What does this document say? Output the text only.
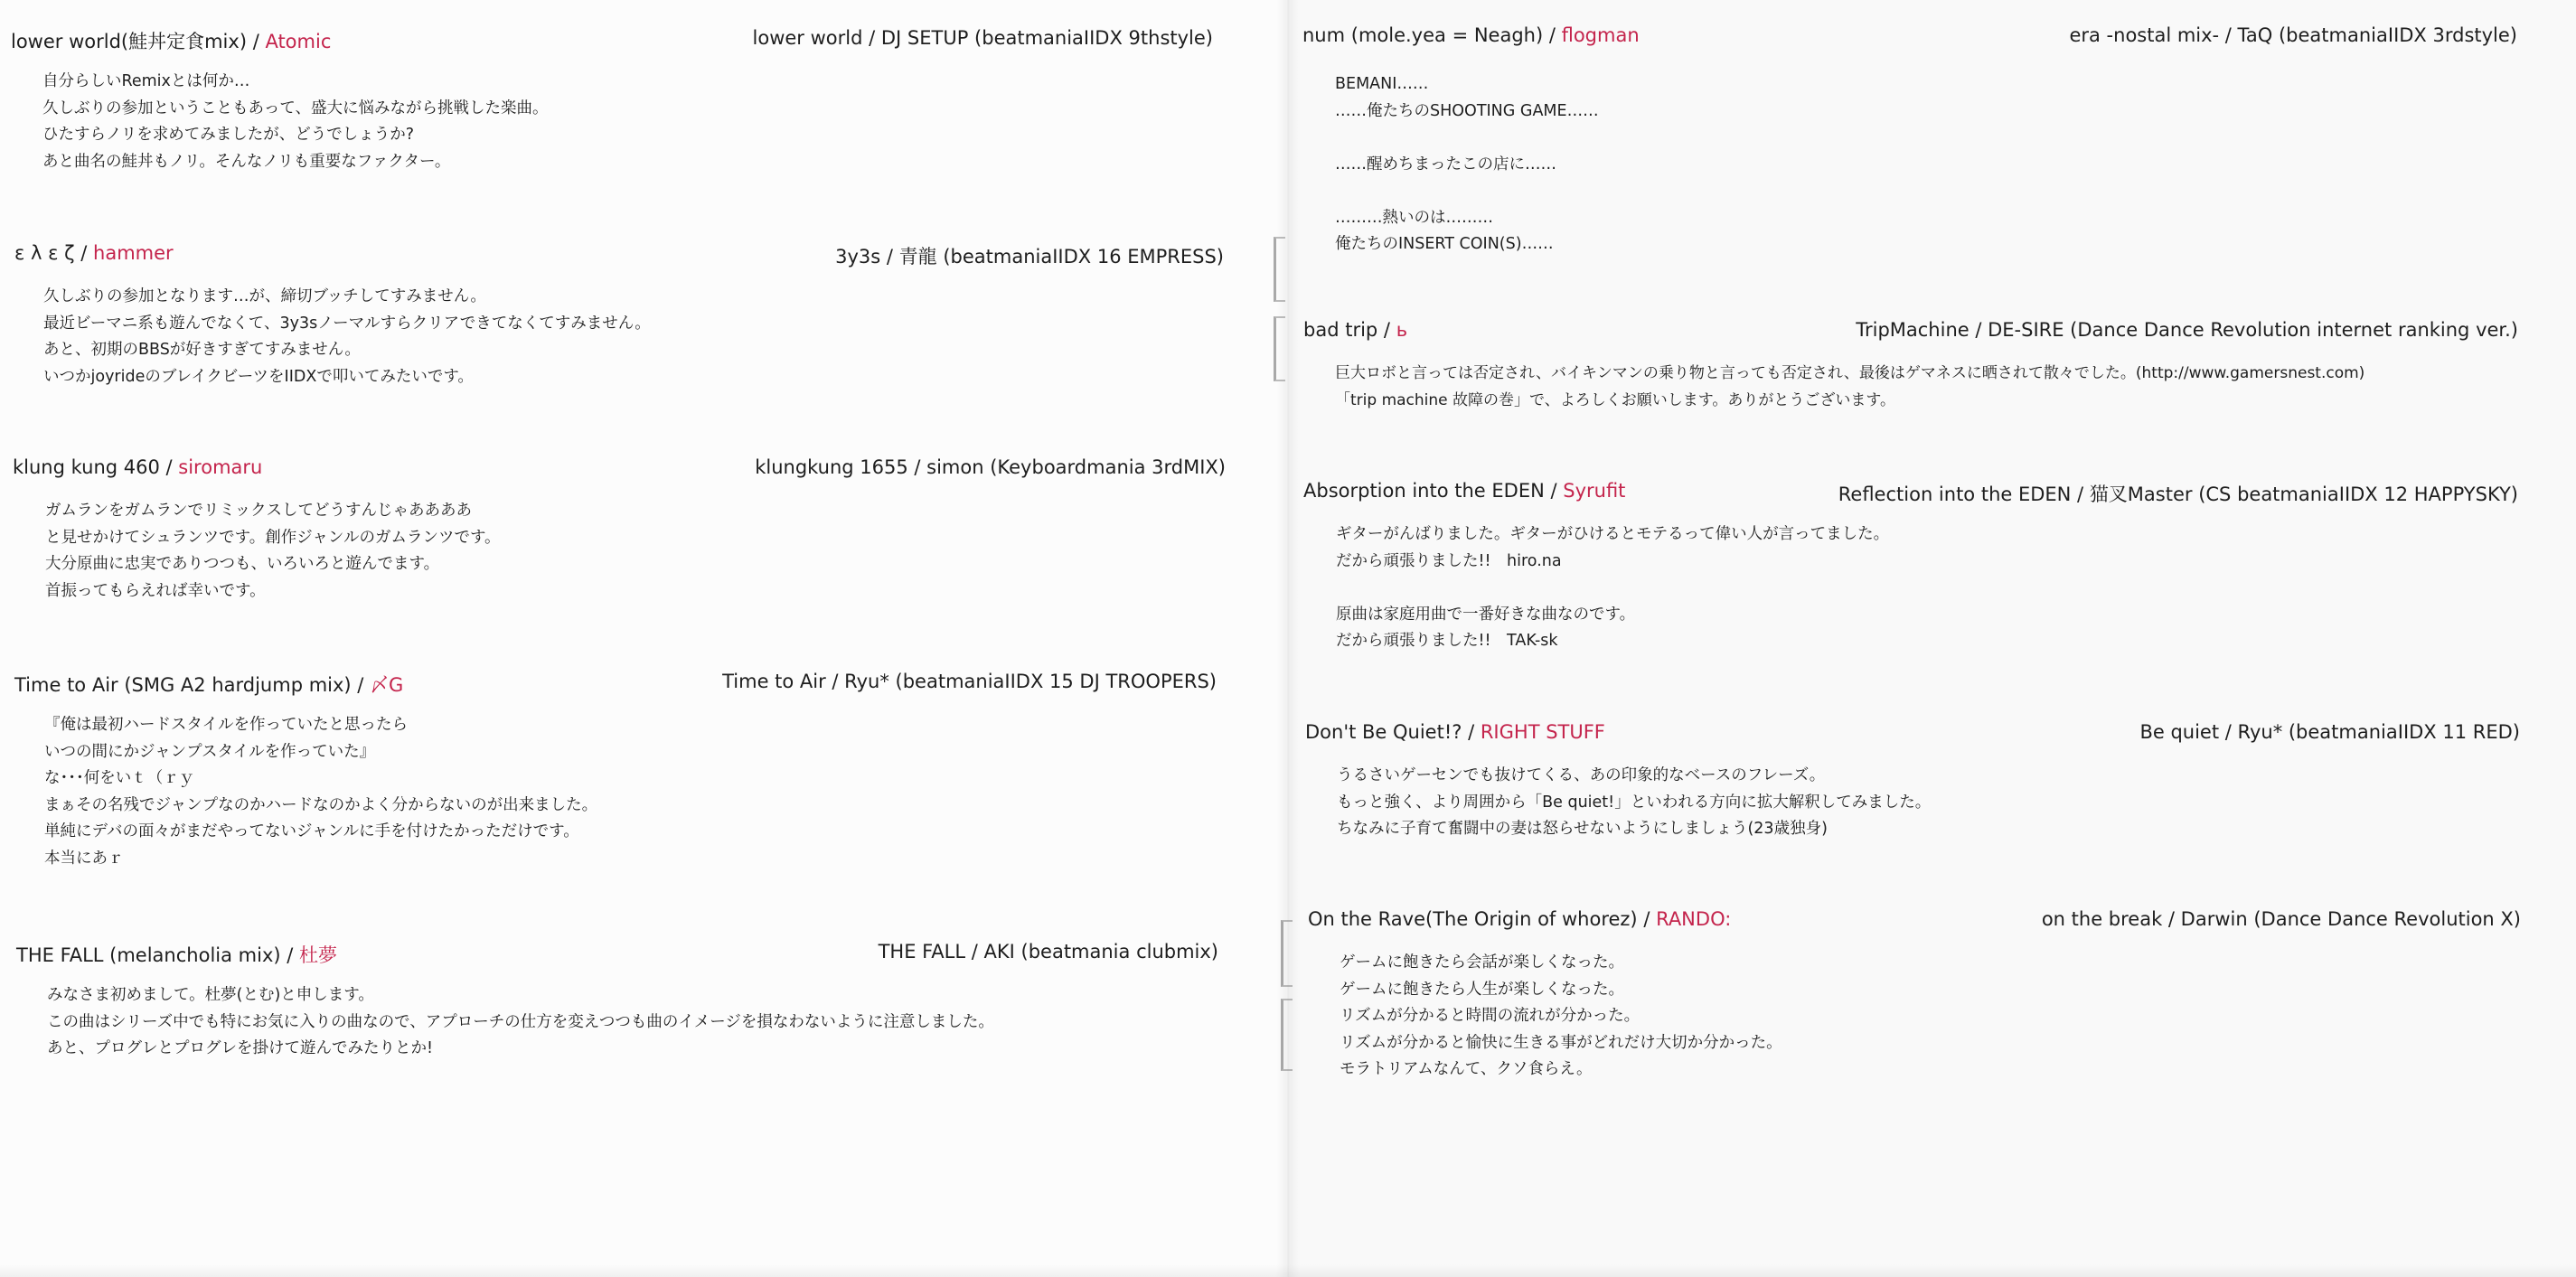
lower world(鮭丼定食mix) / Atomic	lower world / DJ SETUP (beatmaniaIIDX 9thstyle)
自分らしいRemixとは何か…
久しぶりの参加ということもあって、盛大に悩みながら挑戦した楽曲。
ひたすらノリを求めてみましたが、どうでしょうか?
あと曲名の鮭丼もノリ。そんなノリも重要なファクター。
ε λ ε ζ / hammer	3y3s / 青龍 (beatmaniaIIDX 16 EMPRESS)
久しぶりの参加となります…が、締切ブッチしてすみません。
最近ビーマニ系も遊んでなくて、3y3sノーマルすらクリアできてなくてすみません。
あと、初期のBBSが好きすぎてすみません。
いつかjoyrideのブレイクビーツをIIDXで叩いてみたいです。
klung kung 460 / siromaru	klungkung 1655 / simon (Keyboardmania 3rdMIX)
ガムランをガムランでリミックスしてどうすんじゃああああ
と見せかけてシュランツです。創作ジャンルのガムランツです。
大分原曲に忠実でありつつも、いろいろと遊んでます。
首振ってもらえれば幸いです。
Time to Air (SMG A2 hardjump mix) / 〆G	Time to Air / Ryu* (beatmaniaIIDX 15 DJ TROOPERS)
『俺は最初ハードスタイルを作っていたと思ったら
いつの間にかジャンプスタイルを作っていた』
な･･･何をいｔ（ｒｙ
まぁその名残でジャンプなのかハードなのかよく分からないのが出来ました。
単純にデバの面々がまだやってないジャンルに手を付けたかっただけです。
本当にあｒ
THE FALL (melancholia mix) / 杜夢	THE FALL / AKI (beatmania clubmix)
みなさま初めまして。杜夢(とむ)と申します。
この曲はシリーズ中でも特にお気に入りの曲なので、アプローチの仕方を変えつつも曲のイメージを損なわないように注意しました。
あと、プログレとプログレを掛けて遊んでみたりとか!
num (mole.yea = Neagh) / flogman	era -nostal mix- / TaQ (beatmaniaIIDX 3rdstyle)
BEMANI……
……俺たちのSHOOTING GAME……

……醒めちまったこの店に……

………熱いのは………
俺たちのINSERT COIN(S)……
bad trip / ь	TripMachine / DE-SIRE (Dance Dance Revolution internet ranking ver.)
巨大ロボと言っては否定され、バイキンマンの乗り物と言っても否定され、最後はゲマネスに晒されて散々でした。(http://www.gamersnest.com)
「trip machine 故障の巻」で、よろしくお願いします。ありがとうございます。
Absorption into the EDEN / Syrufit	Reflection into the EDEN / 猫叉Master (CS beatmaniaIIDX 12 HAPPYSKY)
ギターがんばりました。ギターがひけるとモテるって偉い人が言ってました。
だから頑張りました!!　hiro.na

原曲は家庭用曲で一番好きな曲なのです。
だから頑張りました!!　TAK-sk
Don't Be Quiet!? / RIGHT STUFF	Be quiet / Ryu* (beatmaniaIIDX 11 RED)
うるさいゲーセンでも抜けてくる、あの印象的なベースのフレーズ。
もっと強く、より周囲から「Be quiet!」といわれる方向に拡大解釈してみました。
ちなみに子育て奮闘中の妻は怒らせないようにしましょう(23歳独身)
On the Rave(The Origin of whorez) / RANDO:	on the break / Darwin (Dance Dance Revolution X)
ゲームに飽きたら会話が楽しくなった。
ゲームに飽きたら人生が楽しくなった。
リズムが分かると時間の流れが分かった。
リズムが分かると愉快に生きる事がどれだけ大切か分かった。
モラトリアムなんて、クソ食らえ。
